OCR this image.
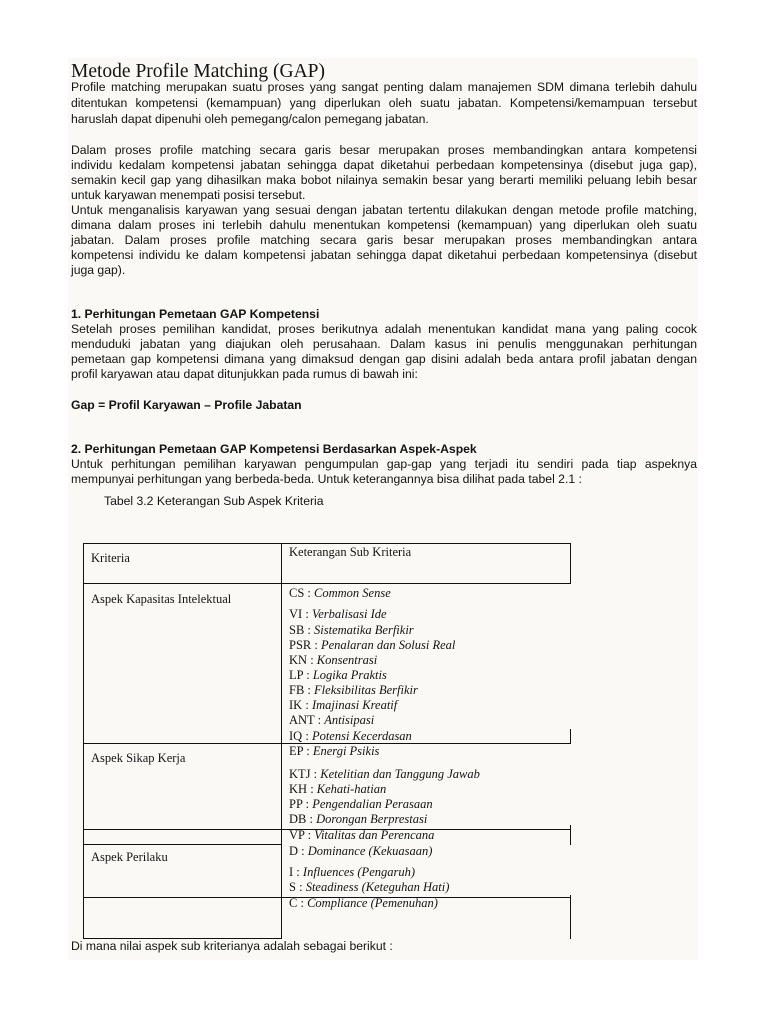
Metode Profile Matching (GAP)
Profile matching merupakan suatu proses yang sangat penting dalam manajemen SDM dimana terlebih dahulu
ditentukan kompetensi (kemampuan) yang diperlukan oleh suatu jabatan. Kompetensi/kemampuan tersebut
haruslah dapat dipenuhi oleh pemegang/calon pemegang jabatan.
Dalam proses profile matching secara garis besar merupakan proses membandingkan antara kompetensi
individu kedalam kompetensi jabatan sehingga dapat diketahui perbedaan kompetensinya (disebut juga gap),
semakin kecil gap yang dihasilkan maka bobot nilainya semakin besar yang berarti memiliki peluang lebih besar
untuk karyawan menempati posisi tersebut.
Untuk menganalisis karyawan yang sesuai dengan jabatan tertentu dilakukan dengan metode profile matching,
dimana dalam proses ini terlebih dahulu menentukan kompetensi (kemampuan) yang diperlukan oleh suatu
jabatan. Dalam proses profile matching secara garis besar merupakan proses membandingkan antara
kompetensi individu ke dalam kompetensi jabatan sehingga dapat diketahui perbedaan kompetensinya (disebut
juga gap).
1. Perhitungan Pemetaan GAP Kompetensi
Setelah proses pemilihan kandidat, proses berikutnya adalah menentukan kandidat mana yang paling cocok
menduduki jabatan yang diajukan oleh perusahaan. Dalam kasus ini penulis menggunakan perhitungan
pemetaan gap kompetensi dimana yang dimaksud dengan gap disini adalah beda antara profil jabatan dengan
profil karyawan atau dapat ditunjukkan pada rumus di bawah ini:
Gap = Profil Karyawan – Profile Jabatan
2. Perhitungan Pemetaan GAP Kompetensi Berdasarkan Aspek-Aspek
Untuk perhitungan pemilihan karyawan pengumpulan gap-gap yang terjadi itu sendiri pada tiap aspeknya
mempunyai perhitungan yang berbeda-beda. Untuk keterangannya bisa dilihat pada tabel 2.1 :
Tabel 3.2 Keterangan Sub Aspek Kriteria
Kriteria	Keterangan Sub Kriteria
Aspek Kapasitas Intelektual	CS : Common Sense
VI : Verbalisasi Ide
SB : Sistematika Berfikir
PSR : Penalaran dan Solusi Real
KN : Konsentrasi
LP : Logika Praktis
FB : Fleksibilitas Berfikir
IK : Imajinasi Kreatif
ANT : Antisipasi
IQ : Potensi Kecerdasan
Aspek Sikap Kerja	EP : Energi Psikis
KTJ : Ketelitian dan Tanggung Jawab
KH : Kehati-hatian
PP : Pengendalian Perasaan
DB : Dorongan Berprestasi
VP : Vitalitas dan Perencana
Aspek Perilaku	D : Dominance (Kekuasaan)
I : Influences (Pengaruh)
S : Steadiness (Keteguhan Hati)
C : Compliance (Pemenuhan)
Di mana nilai aspek sub kriterianya adalah sebagai berikut :
